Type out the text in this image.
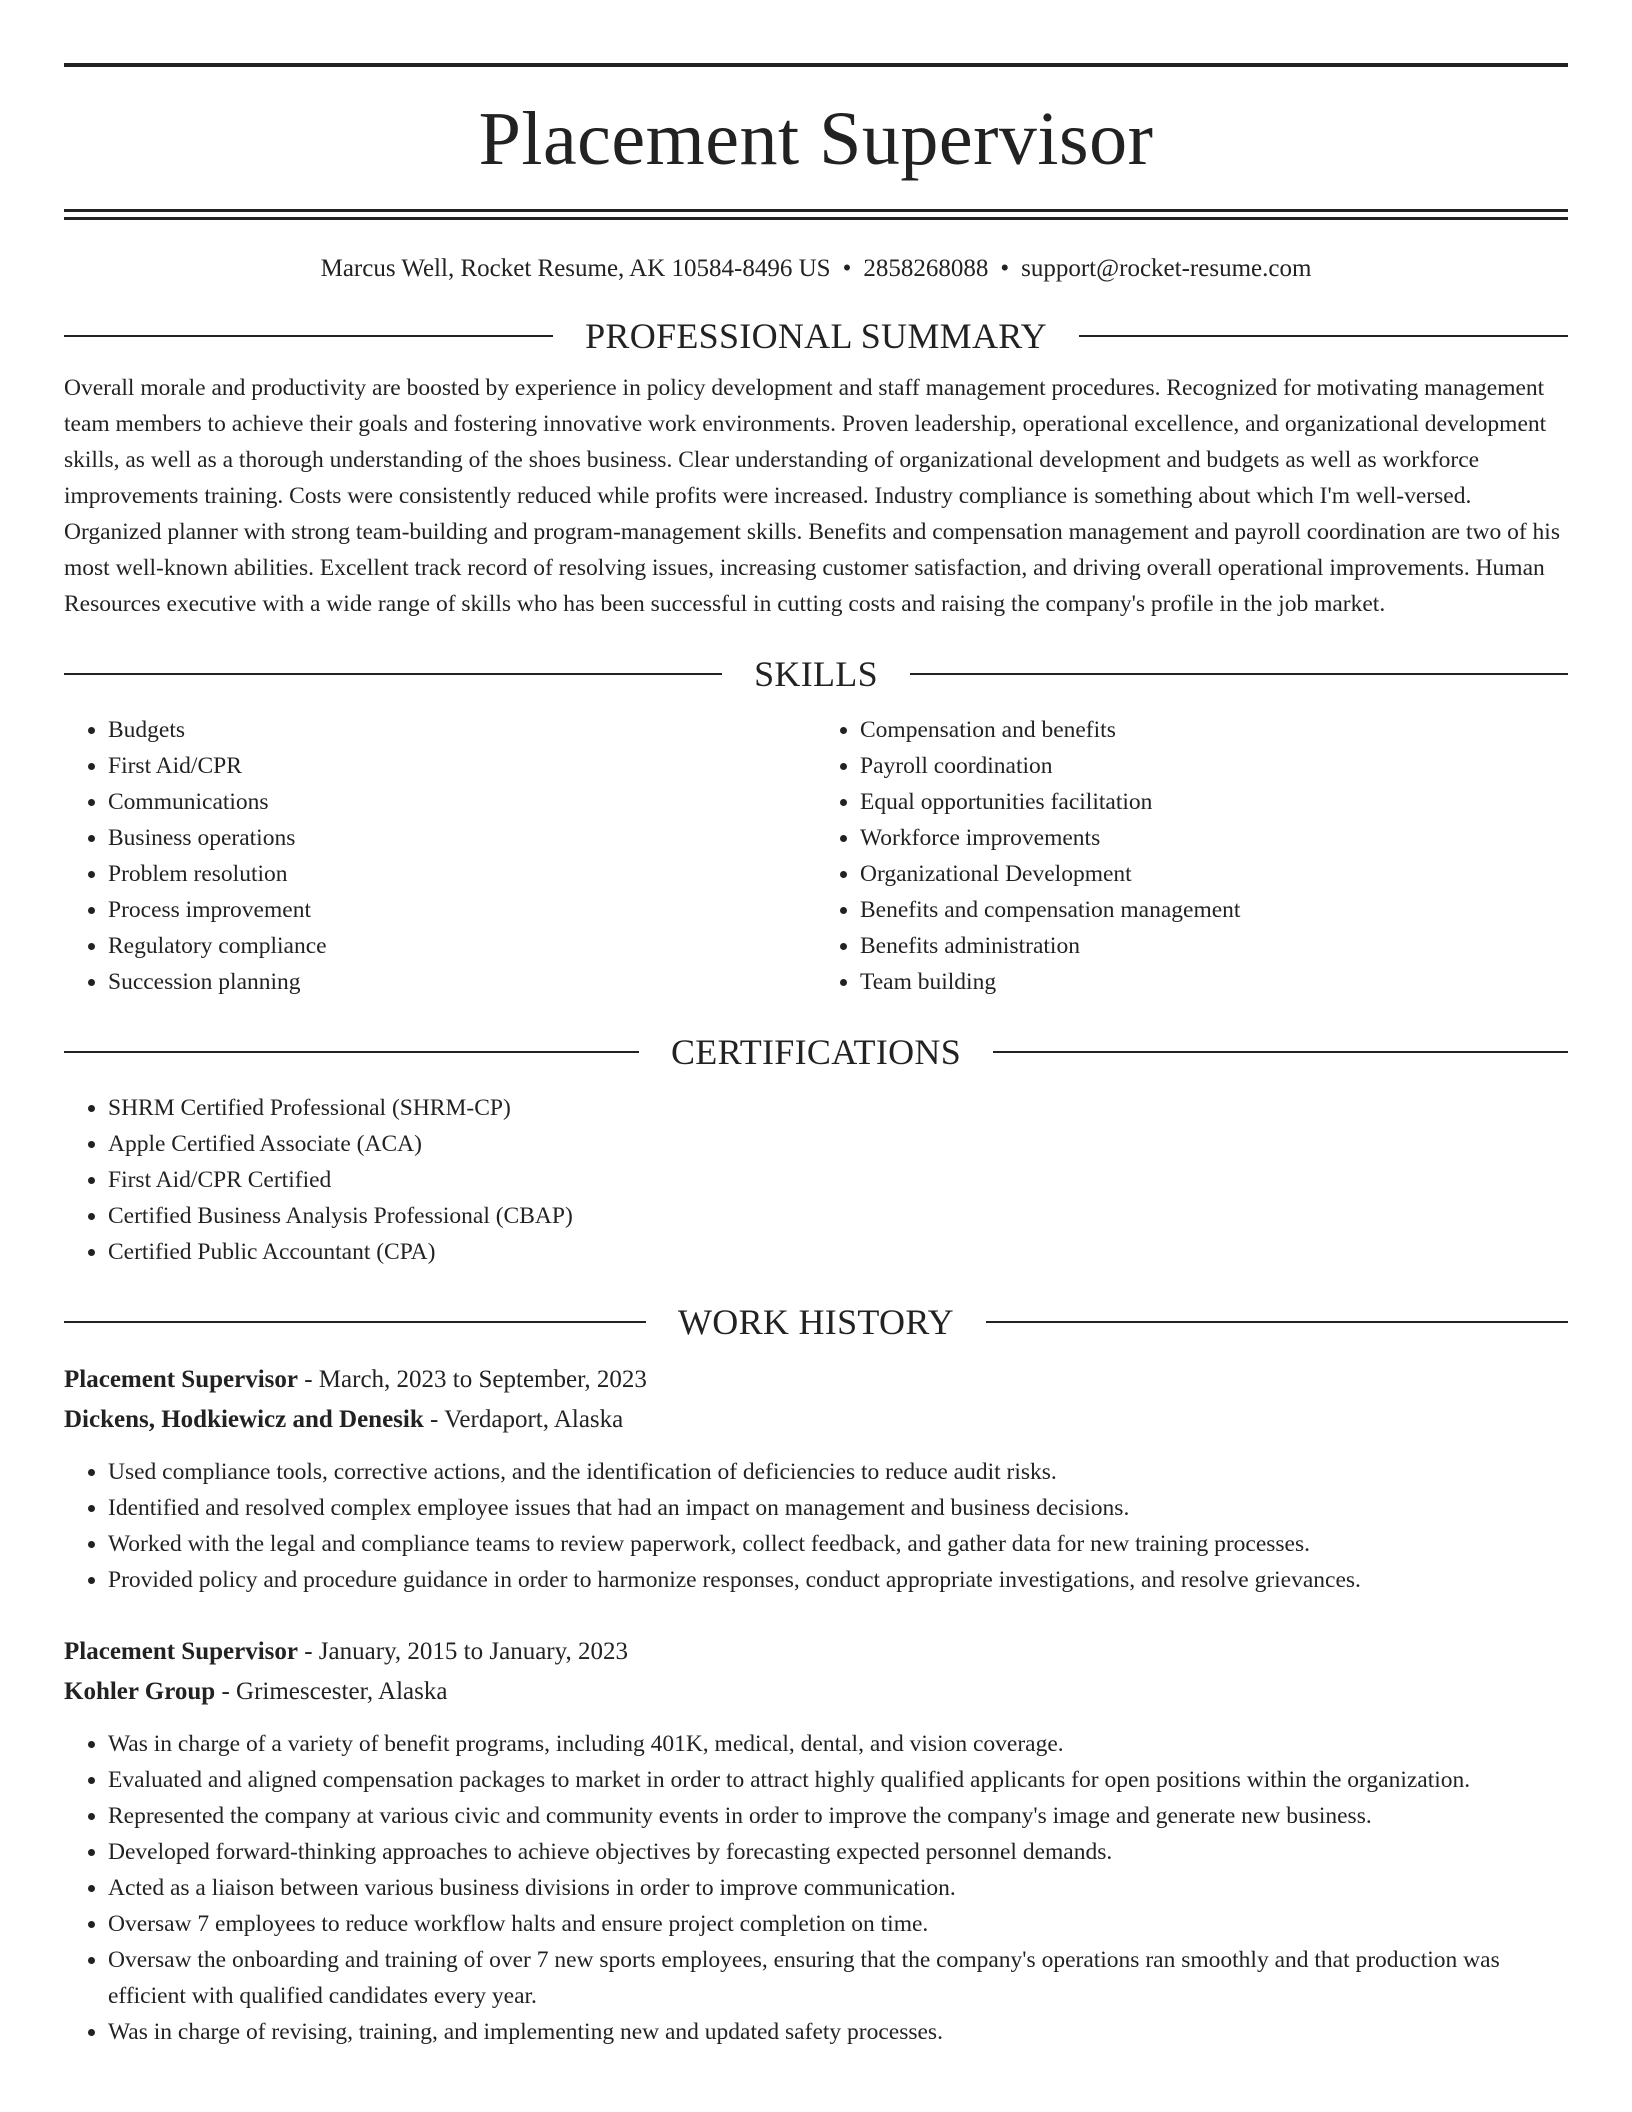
Placement Supervisor
Marcus Well, Rocket Resume, AK 10584-8496 US • 2858268088 • support@rocket-resume.com
PROFESSIONAL SUMMARY
Overall morale and productivity are boosted by experience in policy development and staff management procedures. Recognized for motivating management team members to achieve their goals and fostering innovative work environments. Proven leadership, operational excellence, and organizational development skills, as well as a thorough understanding of the shoes business. Clear understanding of organizational development and budgets as well as workforce improvements training. Costs were consistently reduced while profits were increased. Industry compliance is something about which I'm well-versed. Organized planner with strong team-building and program-management skills. Benefits and compensation management and payroll coordination are two of his most well-known abilities. Excellent track record of resolving issues, increasing customer satisfaction, and driving overall operational improvements. Human Resources executive with a wide range of skills who has been successful in cutting costs and raising the company's profile in the job market.
SKILLS
• Budgets
• First Aid/CPR
• Communications
• Business operations
• Problem resolution
• Process improvement
• Regulatory compliance
• Succession planning
• Compensation and benefits
• Payroll coordination
• Equal opportunities facilitation
• Workforce improvements
• Organizational Development
• Benefits and compensation management
• Benefits administration
• Team building
CERTIFICATIONS
• SHRM Certified Professional (SHRM-CP)
• Apple Certified Associate (ACA)
• First Aid/CPR Certified
• Certified Business Analysis Professional (CBAP)
• Certified Public Accountant (CPA)
WORK HISTORY
Placement Supervisor - March, 2023 to September, 2023
Dickens, Hodkiewicz and Denesik - Verdaport, Alaska
• Used compliance tools, corrective actions, and the identification of deficiencies to reduce audit risks.
• Identified and resolved complex employee issues that had an impact on management and business decisions.
• Worked with the legal and compliance teams to review paperwork, collect feedback, and gather data for new training processes.
• Provided policy and procedure guidance in order to harmonize responses, conduct appropriate investigations, and resolve grievances.
Placement Supervisor - January, 2015 to January, 2023
Kohler Group - Grimescester, Alaska
• Was in charge of a variety of benefit programs, including 401K, medical, dental, and vision coverage.
• Evaluated and aligned compensation packages to market in order to attract highly qualified applicants for open positions within the organization.
• Represented the company at various civic and community events in order to improve the company's image and generate new business.
• Developed forward-thinking approaches to achieve objectives by forecasting expected personnel demands.
• Acted as a liaison between various business divisions in order to improve communication.
• Oversaw 7 employees to reduce workflow halts and ensure project completion on time.
• Oversaw the onboarding and training of over 7 new sports employees, ensuring that the company's operations ran smoothly and that production was efficient with qualified candidates every year.
• Was in charge of revising, training, and implementing new and updated safety processes.
